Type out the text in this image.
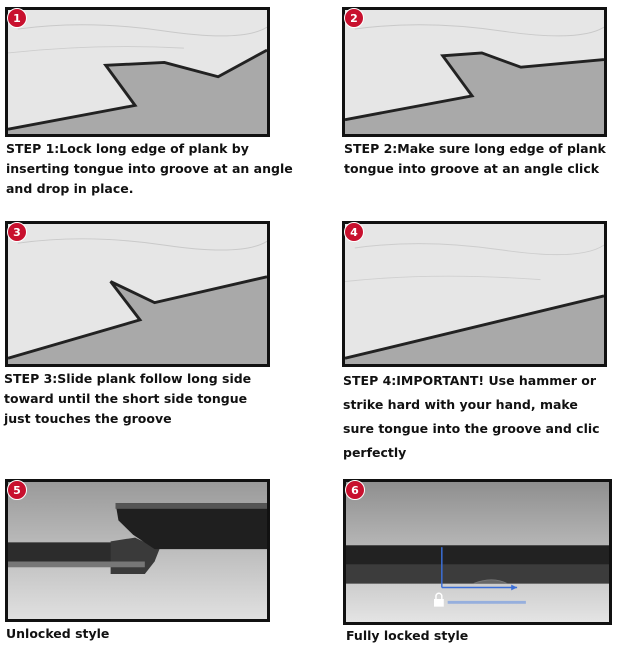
1

STEP 1:Lock long edge of plank by inserting tongue into groove at an angle and drop in place.

2

STEP 2:Make sure long edge of plank tongue into groove at an angle click

3

STEP 3:Slide plank follow long side toward until the short side tongue just touches the groove

4

STEP 4:IMPORTANT! Use hammer or strike hard with your hand, make sure tongue into the groove and clic perfectly

5

Unlocked style

6

Fully locked style
